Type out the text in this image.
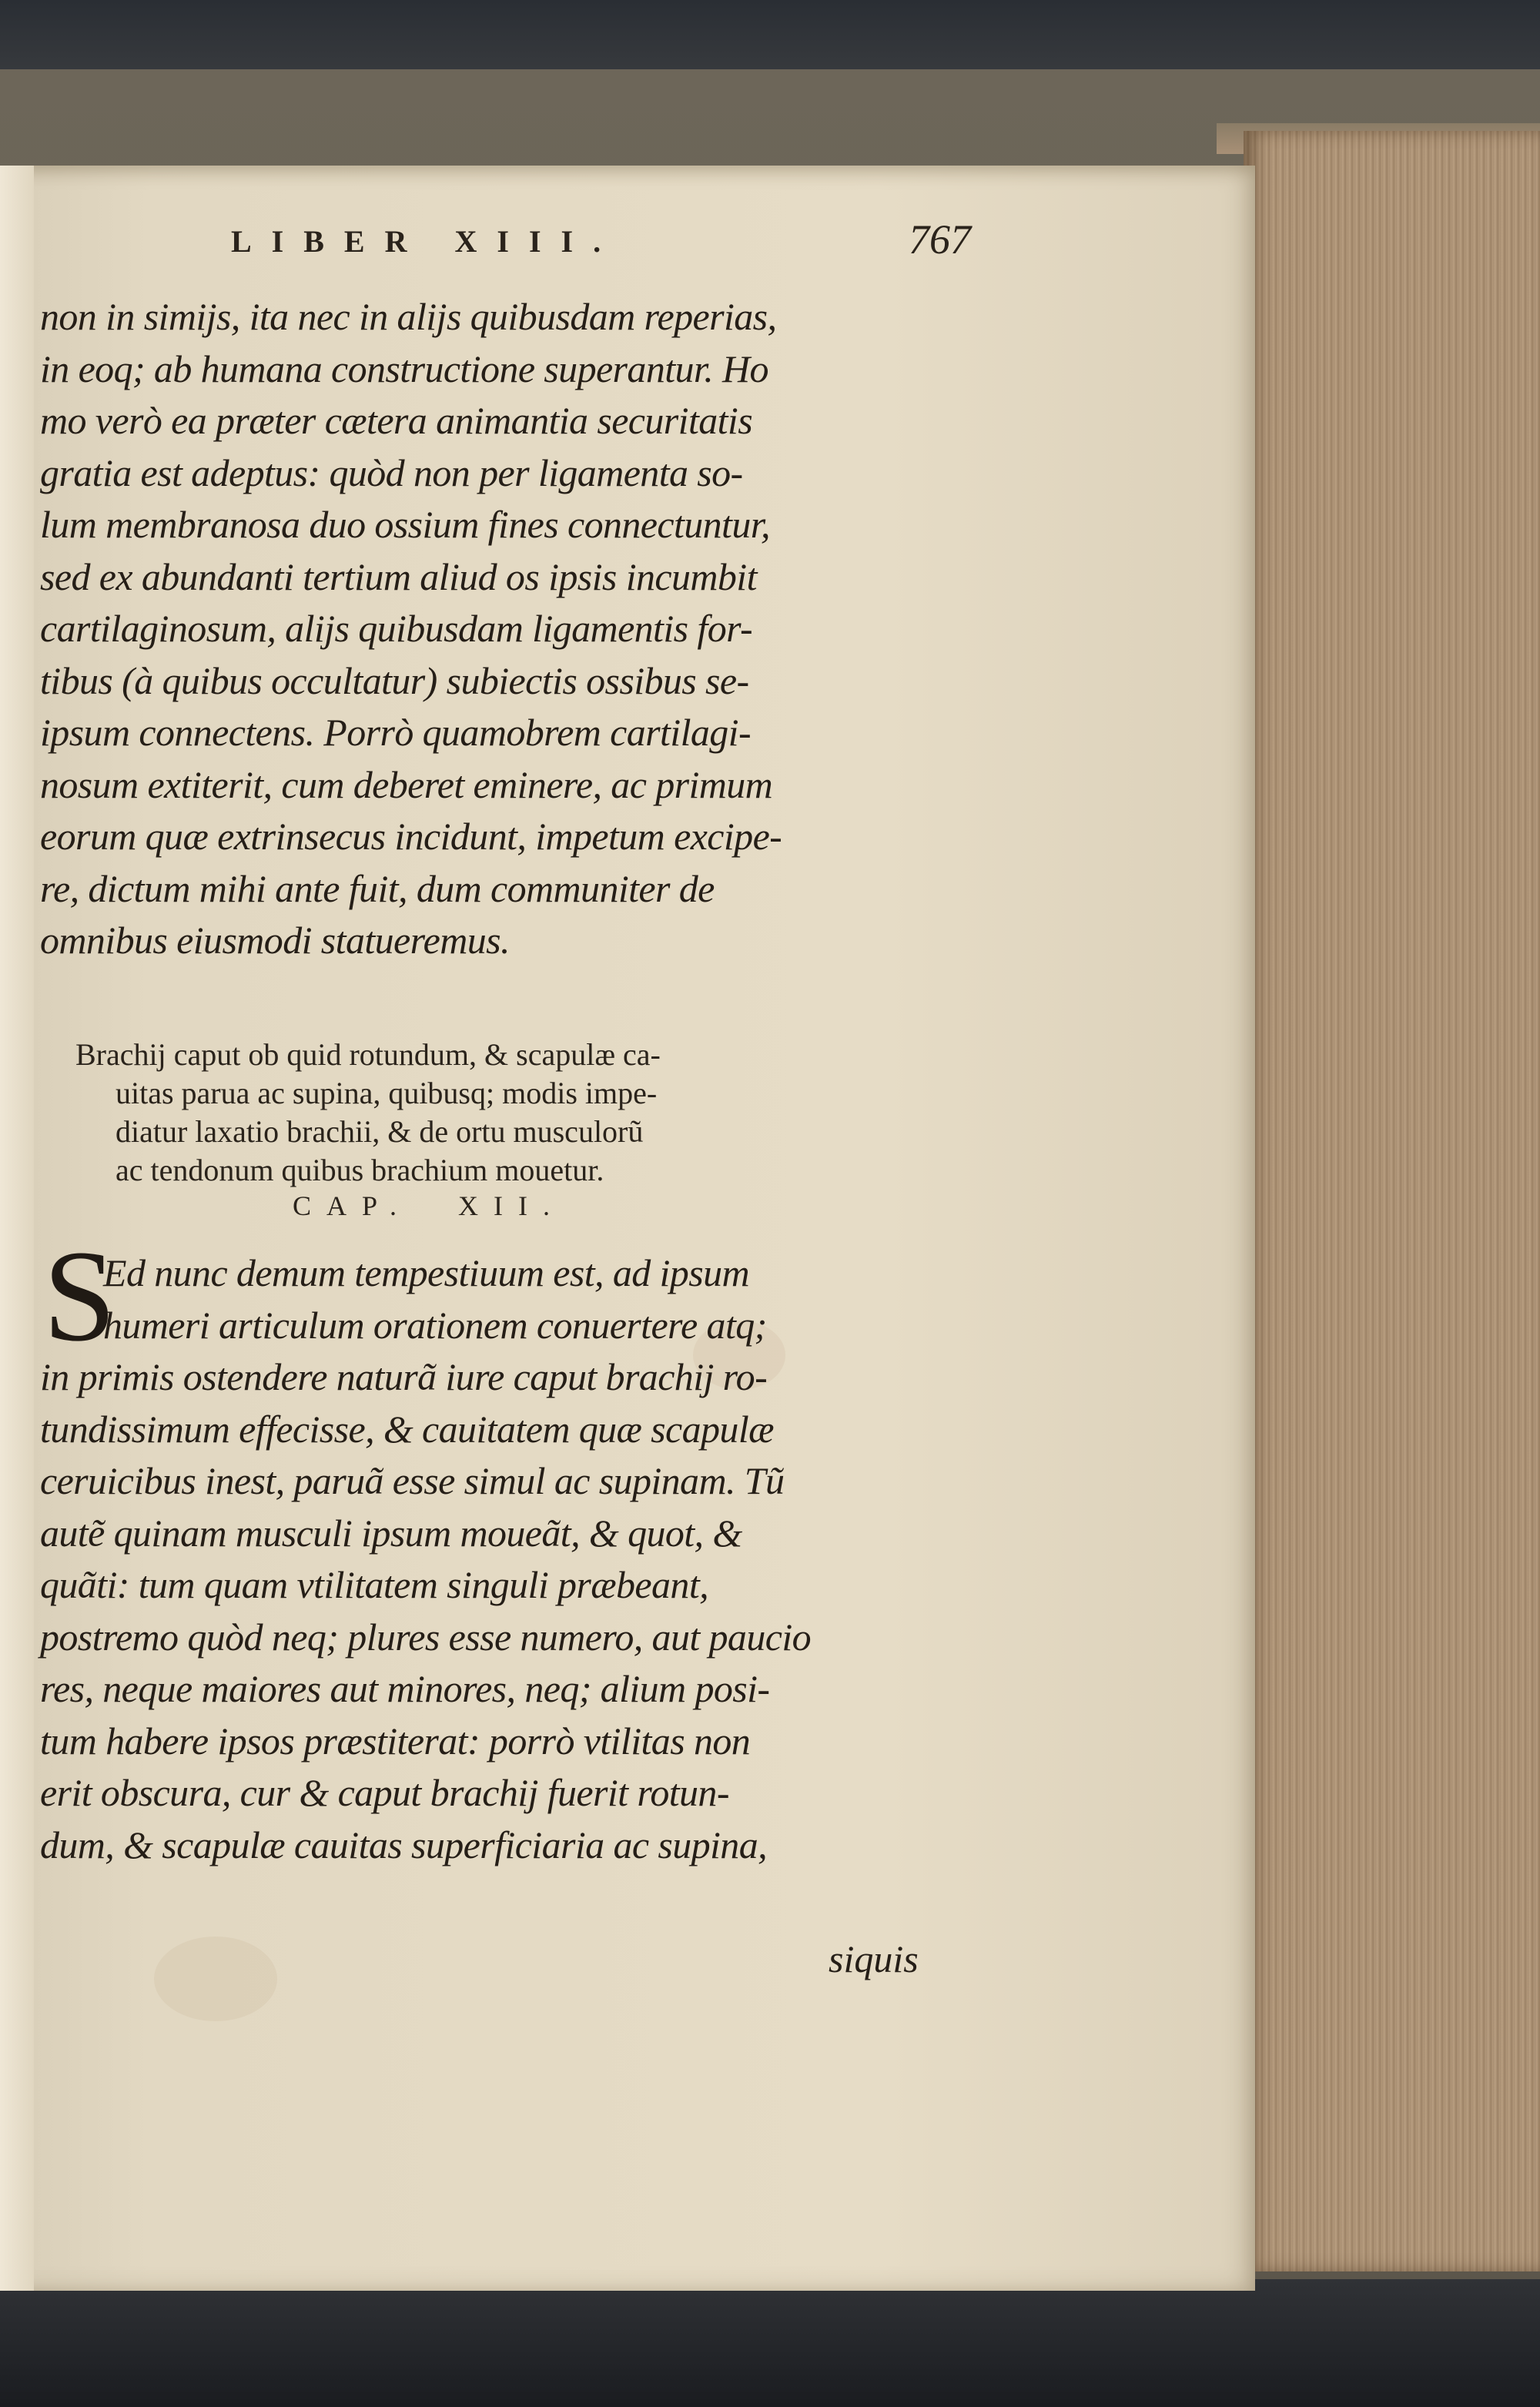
LIBER XIII.	767
non in simijs, ita nec in alijs quibusdam reperias,
in eoq; ab humana constructione superantur. Ho
mo verò ea præter cætera animantia securitatis
gratia est adeptus: quòd non per ligamenta so-
lum membranosa duo ossium fines connectuntur,
sed ex abundanti tertium aliud os ipsis incumbit
cartilaginosum, alijs quibusdam ligamentis for-
tibus (à quibus occultatur) subiectis ossibus se-
ipsum connectens. Porrò quamobrem cartilagi-
nosum extiterit, cum deberet eminere, ac primum
eorum quæ extrinsecus incidunt, impetum excipe-
re, dictum mihi ante fuit, dum communiter de
omnibus eiusmodi statueremus.
Brachij caput ob quid rotundum, & scapulæ ca-
uitas parua ac supina, quibusq; modis impe-
diatur laxatio brachii, & de ortu musculorũ
ac tendonum quibus brachium mouetur.
CAP. XII.
S
Ed nunc demum tempestiuum est, ad ipsum
humeri articulum orationem conuertere atq;
in primis ostendere naturã iure caput brachij ro-
tundissimum effecisse, & cauitatem quæ scapulæ
ceruicibus inest, paruã esse simul ac supinam. Tũ
autẽ quinam musculi ipsum moueãt, & quot, &
quãti: tum quam vtilitatem singuli præbeant,
postremo quòd neq; plures esse numero, aut paucio
res, neque maiores aut minores, neq; alium posi-
tum habere ipsos præstiterat: porrò vtilitas non
erit obscura, cur & caput brachij fuerit rotun-
dum, & scapulæ cauitas superficiaria ac supina,
siquis
